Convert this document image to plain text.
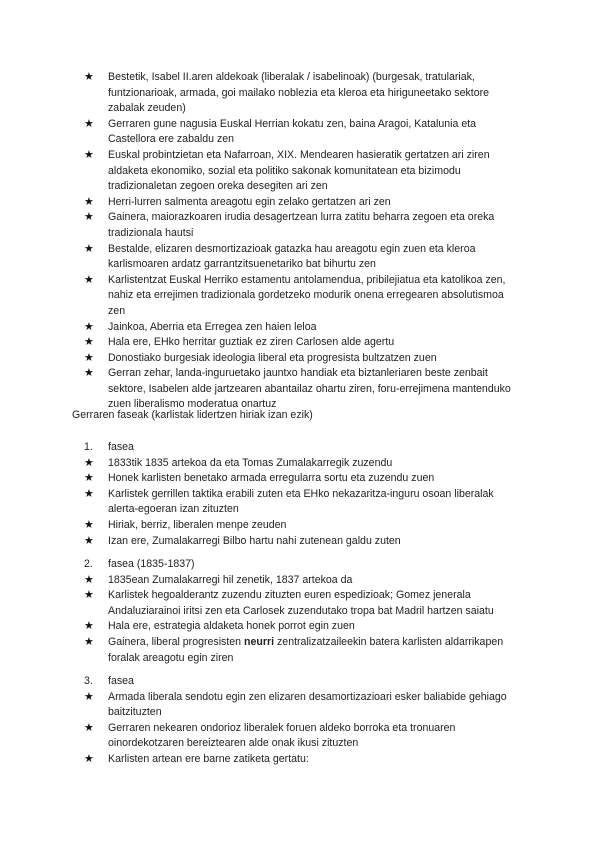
★	Bestetik, Isabel II.aren aldekoak (liberalak / isabelinoak) (burgesak, tratulariak, funtzionarioak, armada, goi mailako noblezia eta kleroa eta hiriguneetako sektore zabalak zeuden)
★	Gerraren gune nagusia Euskal Herrian kokatu zen, baina Aragoi, Katalunia eta Castellora ere zabaldu zen
★	Euskal probintzietan eta Nafarroan, XIX. Mendearen hasieratik gertatzen ari ziren aldaketa ekonomiko, sozial eta politiko sakonak komunitatean eta bizimodu tradizionaletan zegoen oreka desegiten ari zen
★	Herri-lurren salmenta areagotu egin zelako gertatzen ari zen
★	Gainera, maiorazkoaren irudia desagertzean lurra zatitu beharra zegoen eta oreka tradizionala hautsi
★	Bestalde, elizaren desmortizazioak gatazka hau areagotu egin zuen eta kleroa karlismoaren ardatz garrantzitsuenetariko bat bihurtu zen
★	Karlistentzat Euskal Herriko estamentu antolamendua, pribilejiatua eta katolikoa zen, nahiz eta errejimen tradizionala gordetzeko modurik onena erregearen absolutismoa zen
★	Jainkoa, Aberria eta Erregea zen haien leloa
★	Hala ere, EHko herritar guztiak ez ziren Carlosen alde agertu
★	Donostiako burgesiak ideologia liberal eta progresista bultzatzen zuen
★	Gerran zehar, landa-inguruetako jauntxo handiak eta biztanleriaren beste zenbait sektore, Isabelen alde jartzearen abantailaz ohartu ziren, foru-errejimena mantenduko zuen liberalismo moderatua onartuz
Gerraren faseak (karlistak lidertzen hiriak izan ezik)
1. fasea
★	1833tik 1835 artekoa da eta Tomas Zumalakarregik zuzendu
★	Honek karlisten benetako armada erregularra sortu eta zuzendu zuen
★	Karlistek gerrillen taktika erabili zuten eta EHko nekazaritza-inguru osoan liberalak alerta-egoeran izan zituzten
★	Hiriak, berriz, liberalen menpe zeuden
★	Izan ere, Zumalakarregi Bilbo hartu nahi zutenean galdu zuten
2. fasea (1835-1837)
★	1835ean Zumalakarregi hil zenetik, 1837 artekoa da
★	Karlistek hegoalderantz zuzendu zituzten euren espedizioak; Gomez jenerala Andaluziarainoi iritsi zen eta Carlosek zuzendutako tropa bat Madril hartzen saiatu
★	Hala ere, estrategia aldaketa honek porrot egin zuen
★	Gainera, liberal progresisten neurri zentralizatzaileekin batera karlisten aldarrikapen foralak areagotu egin ziren
3. fasea
★	Armada liberala sendotu egin zen elizaren desamortizazioari esker baliabide gehiago baitzituzten
★	Gerraren nekearen ondorioz liberalek foruen aldeko borroka eta tronuaren oinordekotzaren bereiztearen alde onak ikusi zituzten
★	Karlisten artean ere barne zatiketa gertatu:
